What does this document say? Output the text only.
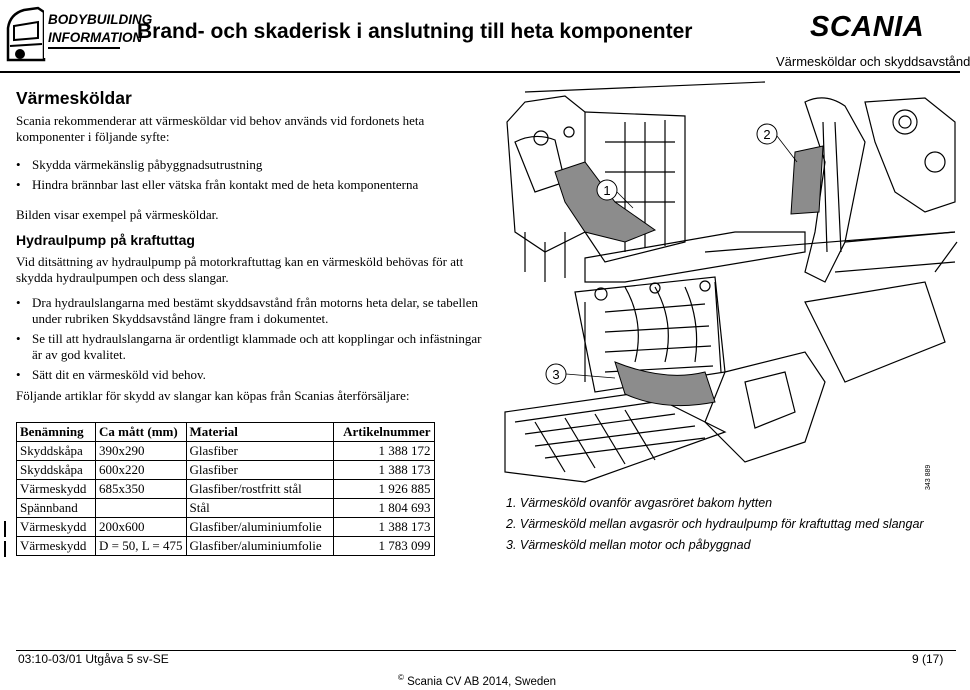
BODYBUILDING
INFORMATION
Brand- och skaderisk i anslutning till heta komponenter	SCANIA
Värmesköldar och skyddsavstånd
Värmesköldar
Scania rekommenderar att värmesköldar vid behov används vid fordonets heta komponenter i följande syfte:
• Skydda värmekänslig påbyggnadsutrustning
• Hindra brännbar last eller vätska från kontakt med de heta komponenterna
Bilden visar exempel på värmesköldar.
Hydraulpump på kraftuttag
Vid ditsättning av hydraulpump på motorkraftuttag kan en värmesköld behövas för att skydda hydraulpumpen och dess slangar.
• Dra hydraulslangarna med bestämt skyddsavstånd från motorns heta delar, se tabellen under rubriken Skyddsavstånd längre fram i dokumentet.
• Se till att hydraulslangarna är ordentligt klammade och att kopplingar och infästningar är av god kvalitet.
• Sätt dit en värmesköld vid behov.
Följande artiklar för skydd av slangar kan köpas från Scanias återförsäljare:
Benämning	Ca mått (mm)	Material	Artikelnummer
Skyddskåpa	390x290	Glasfiber	1 388 172
Skyddskåpa	600x220	Glasfiber	1 388 173
Värmeskydd	685x350	Glasfiber/rostfritt stål	1 926 885
Spännband		Stål	1 804 693
Värmeskydd	200x600	Glasfiber/aluminiumfolie	1 388 173
Värmeskydd	D = 50, L = 475	Glasfiber/aluminiumfolie	1 783 099
1
2
3
343 889
1. Värmesköld ovanför avgasröret bakom hytten
2. Värmesköld mellan avgasrör och hydraulpump för kraftuttag med slangar
3. Värmesköld mellan motor och påbyggnad
03:10-03/01 Utgåva 5 sv-SE	9 (17)
© Scania CV AB 2014, Sweden
